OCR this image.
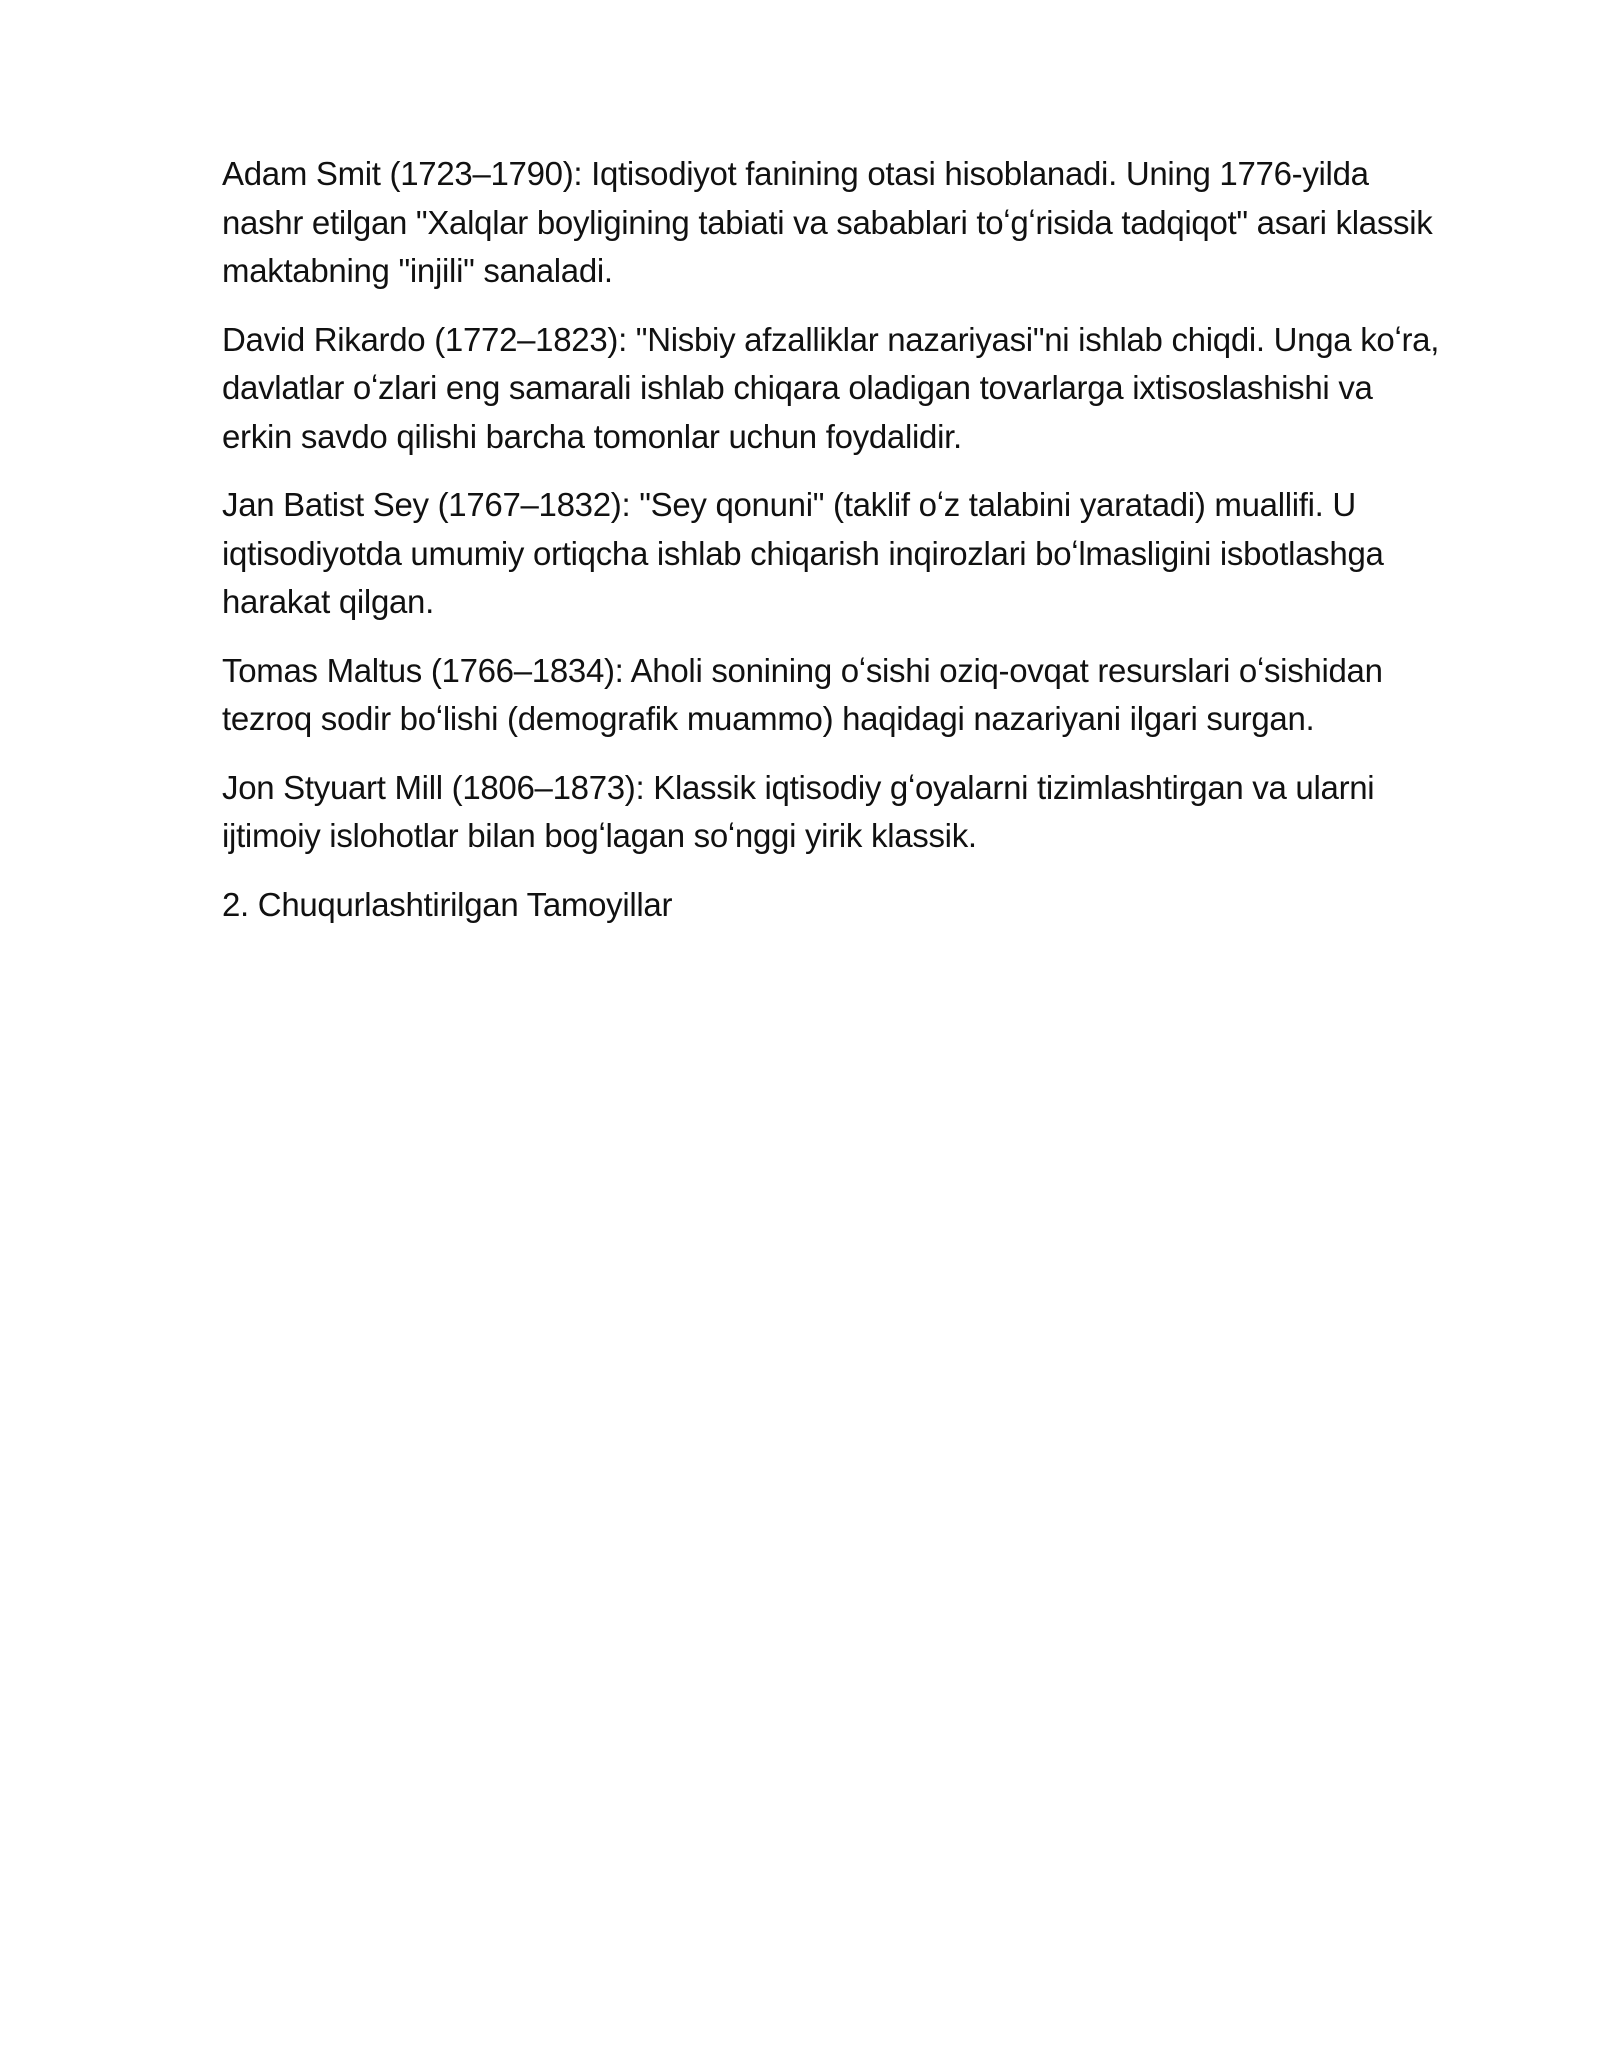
Adam Smit (1723–1790): Iqtisodiyot fanining otasi hisoblanadi. Uning 1776-yilda nashr etilgan "Xalqlar boyligining tabiati va sabablari toʻgʻrisida tadqiqot" asari klassik maktabning "injili" sanaladi.

David Rikardo (1772–1823): "Nisbiy afzalliklar nazariyasi"ni ishlab chiqdi. Unga koʻra, davlatlar oʻzlari eng samarali ishlab chiqara oladigan tovarlarga ixtisoslashishi va erkin savdo qilishi barcha tomonlar uchun foydalidir.

Jan Batist Sey (1767–1832): "Sey qonuni" (taklif oʻz talabini yaratadi) muallifi. U iqtisodiyotda umumiy ortiqcha ishlab chiqarish inqirozlari boʻlmasligini isbotlashga harakat qilgan.

Tomas Maltus (1766–1834): Aholi sonining oʻsishi oziq-ovqat resurslari oʻsishidan tezroq sodir boʻlishi (demografik muammo) haqidagi nazariyani ilgari surgan.

Jon Styuart Mill (1806–1873): Klassik iqtisodiy gʻoyalarni tizimlashtirgan va ularni ijtimoiy islohotlar bilan bogʻlagan soʻnggi yirik klassik.

2. Chuqurlashtirilgan Tamoyillar
